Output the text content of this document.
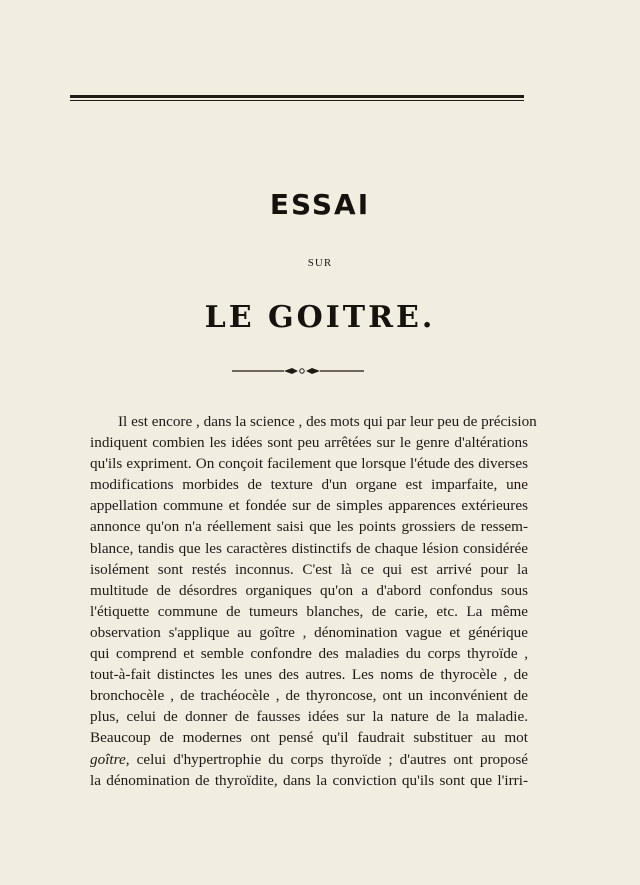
ESSAI
SUR
LE GOITRE.
Il est encore , dans la science , des mots qui par leur peu de précision
indiquent combien les idées sont peu arrêtées sur le genre d'altérations
qu'ils expriment. On conçoit facilement que lorsque l'étude des diverses
modifications morbides de texture d'un organe est imparfaite, une
appellation commune et fondée sur de simples apparences extérieures
annonce qu'on n'a réellement saisi que les points grossiers de ressem-
blance, tandis que les caractères distinctifs de chaque lésion considérée
isolément sont restés inconnus. C'est là ce qui est arrivé pour la
multitude de désordres organiques qu'on a d'abord confondus sous
l'étiquette commune de tumeurs blanches, de carie, etc. La même
observation s'applique au goître , dénomination vague et générique
qui comprend et semble confondre des maladies du corps thyroïde ,
tout-à-fait distinctes les unes des autres. Les noms de thyrocèle , de
bronchocèle , de trachéocèle , de thyroncose, ont un inconvénient de
plus, celui de donner de fausses idées sur la nature de la maladie.
Beaucoup de modernes ont pensé qu'il faudrait substituer au mot
goître, celui d'hypertrophie du corps thyroïde ; d'autres ont proposé
la dénomination de thyroïdite, dans la conviction qu'ils sont que l'irri-
